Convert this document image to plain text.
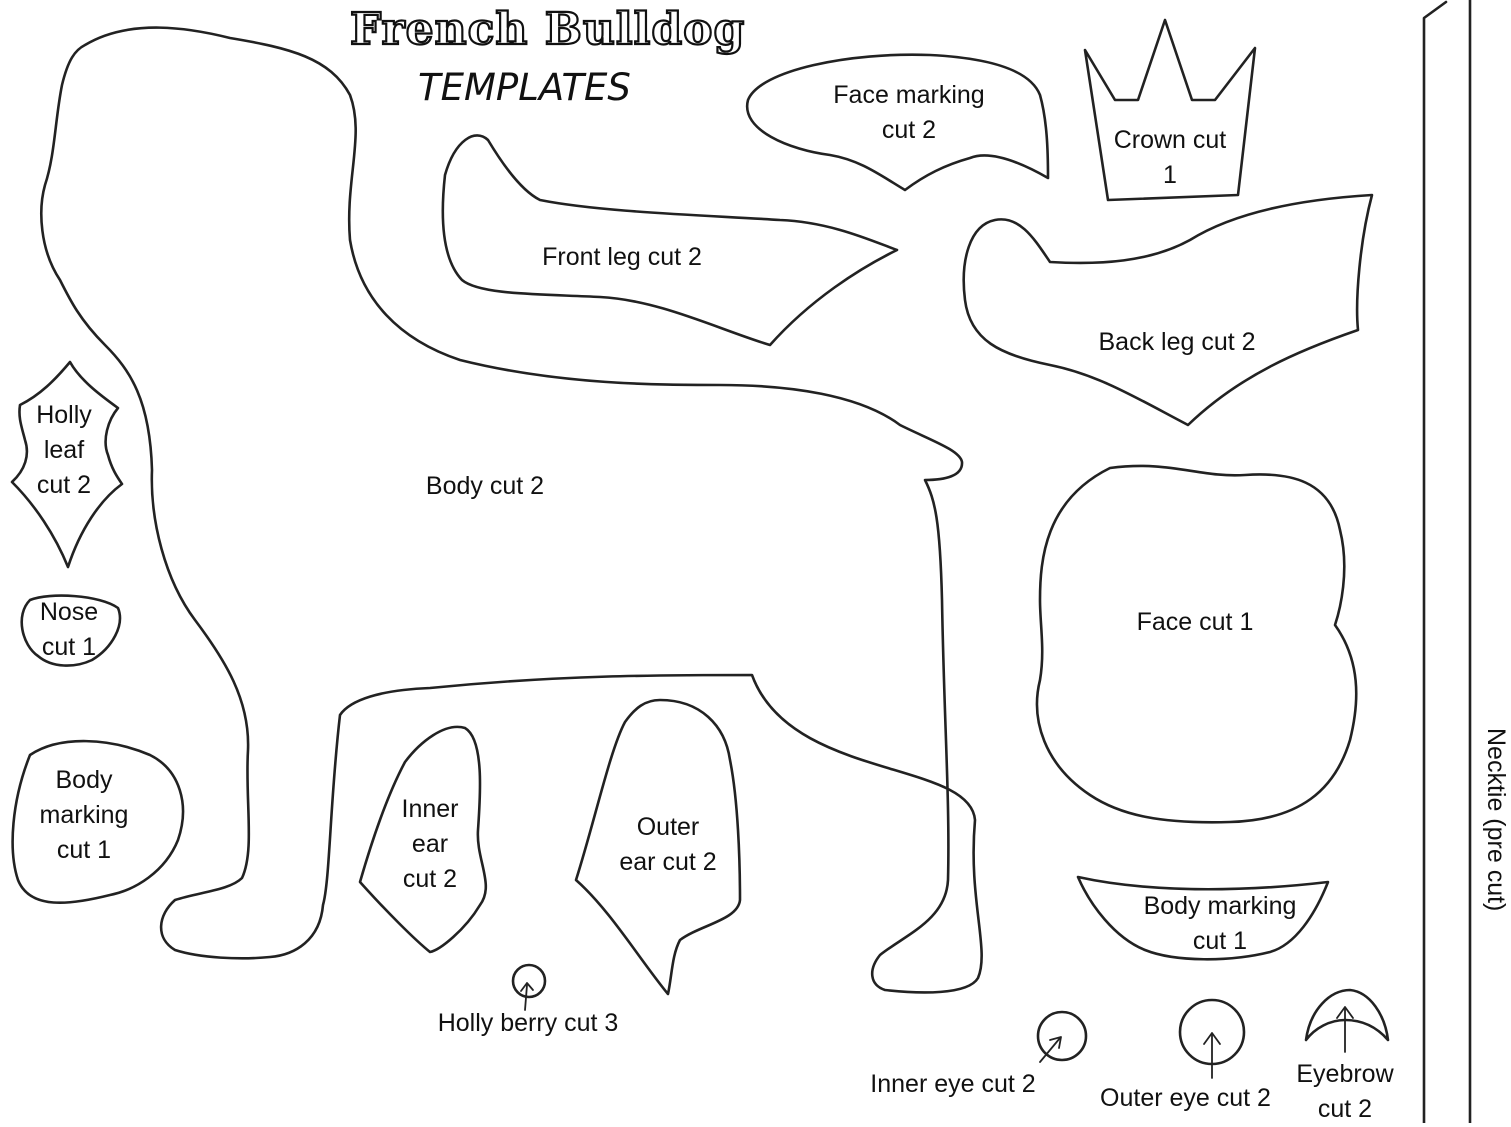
French Bulldog
TEMPLATES	Face marking
cut 2	Crown cut
1
Front leg cut 2
Back leg cut 2
Holly
leaf
cut 2	Body cut 2
Face cut 1
Nose
cut 1
Body
marking
cut 1
Inner
ear
cut 2
Outer
ear cut 2
Body marking
cut 1
Holly berry cut 3
Inner eye cut 2	Outer eye cut 2
Eyebrow
cut 2
Necktie (pre cut)
